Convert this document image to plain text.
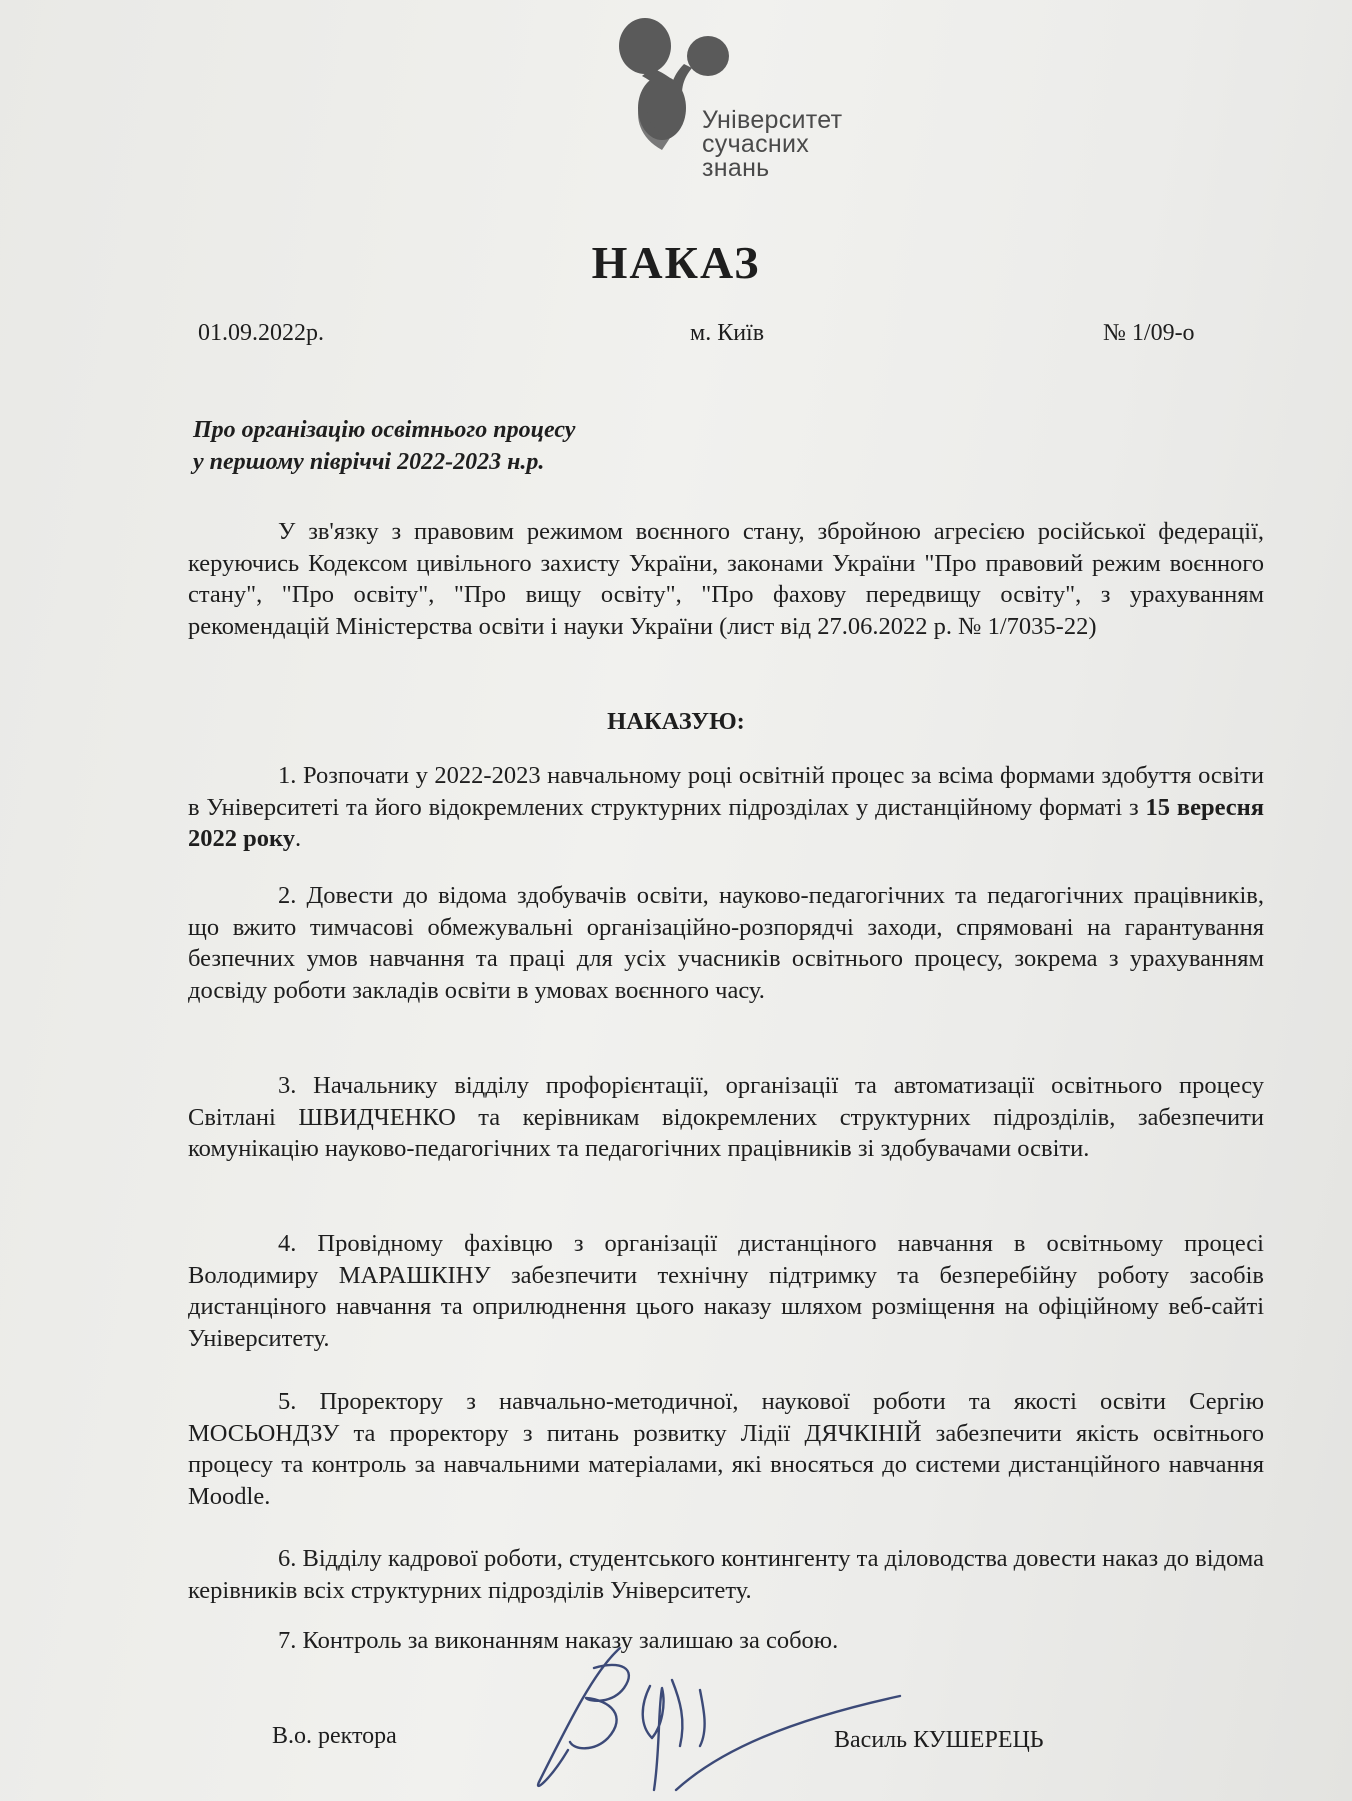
Університет
сучасних
знань
НАКАЗ
01.09.2022р.	м. Київ	№ 1/09-о
Про організацію освітнього процесу
у першому півріччі 2022-2023 н.р.

У зв'язку з правовим режимом воєнного стану, збройною агресією російської федерації, керуючись Кодексом цивільного захисту України, законами України "Про правовий режим воєнного стану", "Про освіту", "Про вищу освіту", "Про фахову передвищу освіту", з урахуванням рекомендацій Міністерства освіти і науки України (лист від 27.06.2022 р. № 1/7035-22)

НАКАЗУЮ:

1. Розпочати у 2022-2023 навчальному році освітній процес за всіма формами здобуття освіти в Університеті та його відокремлених структурних підрозділах у дистанційному форматі з 15 вересня 2022 року.

2. Довести до відома здобувачів освіти, науково-педагогічних та педагогічних працівників, що вжито тимчасові обмежувальні організаційно-розпорядчі заходи, спрямовані на гарантування безпечних умов навчання та праці для усіх учасників освітнього процесу, зокрема з урахуванням досвіду роботи закладів освіти в умовах воєнного часу.

3. Начальнику відділу профорієнтації, організації та автоматизації освітнього процесу Світлані ШВИДЧЕНКО та керівникам відокремлених структурних підрозділів, забезпечити комунікацію науково-педагогічних та педагогічних працівників зі здобувачами освіти.

4. Провідному фахівцю з організації дистанціного навчання в освітньому процесі Володимиру МАРАШКІНУ забезпечити технічну підтримку та безперебійну роботу засобів дистанціного навчання та оприлюднення цього наказу шляхом розміщення на офіційному веб-сайті Університету.

5. Проректору з навчально-методичної, наукової роботи та якості освіти Сергію МОСЬОНДЗУ та проректору з питань розвитку Лідії ДЯЧКІНІЙ забезпечити якість освітнього процесу та контроль за навчальними матеріалами, які вносяться до системи дистанційного навчання Moodle.

6. Відділу кадрової роботи, студентського контингенту та діловодства довести наказ до відома керівників всіх структурних підрозділів Університету.

7. Контроль за виконанням наказу залишаю за собою.

В.о. ректора	Василь КУШЕРЕЦЬ
